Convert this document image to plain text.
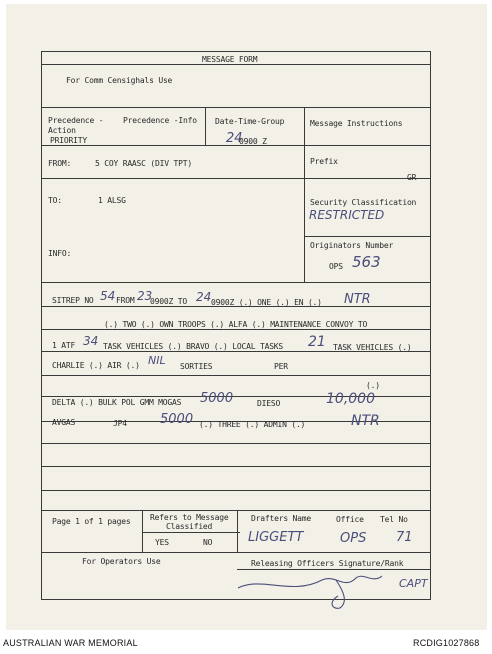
MESSAGE FORM
For Comm Censighals Use
Precedence -
Action
PRIORITY
Precedence -Info Date-Time-Group
24
0900 Z
Message Instructions
FROM:	5 COY RAASC (DIV TPT)	Prefix
GR
TO:	1 ALSG	Security Classification
RESTRICTED
INFO:
Originators Number
OPS 563
SITREP NO 54 FROM 23
0900Z TO 24 0900Z (.) ONE (.) EN (.) NTR
(.) TWO (.) OWN TROOPS (.) ALFA (.) MAINTENANCE CONVOY TO
1 ATF 34 TASK VEHICLES (.) BRAVO (.) LOCAL TASKS 21 TASK VEHICLES (.)
CHARLIE (.) AIR (.) NIL SORTIES	PER
(.)
DELTA (.) BULK POL GMM MOGAS 5000	DIESO	10,000
AVGAS	JP4	5000 (.) THREE (.) ADMIN (.)	NTR
Page 1 of 1 pages Refers to Message
Classified
YES	NO
Drafters Name	Office Tel No
LIGGETT	OPS 71
For Operators Use	Releasing Officers Signature/Rank
CAPT
AUSTRALIAN WAR MEMORIAL	RCDIG1027868
